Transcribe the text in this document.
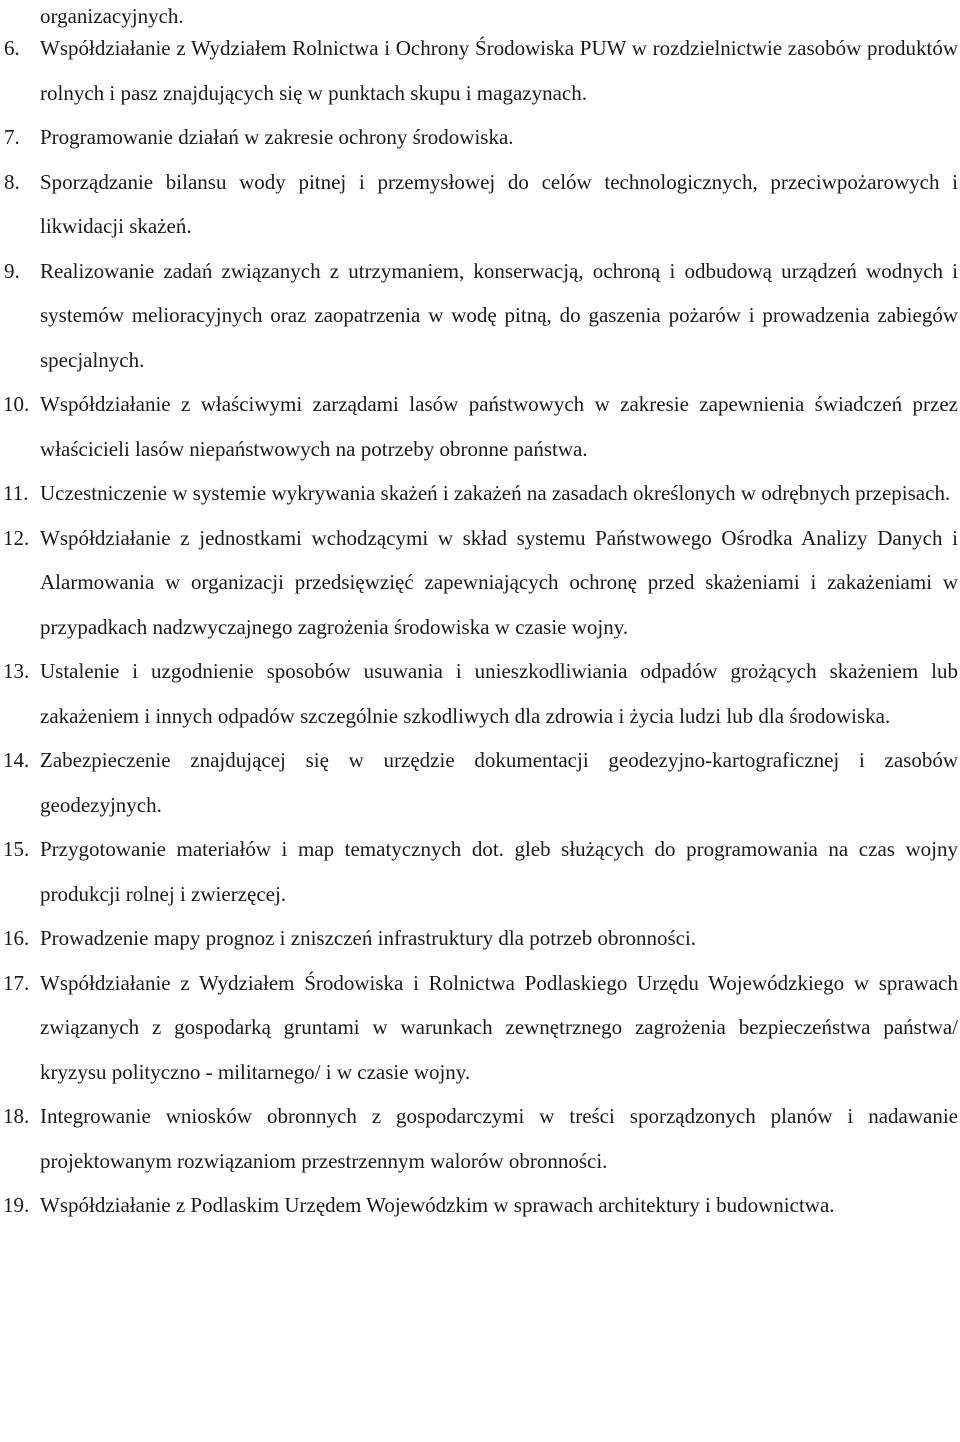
organizacyjnych.

6. Współdziałanie z Wydziałem Rolnictwa i Ochrony Środowiska PUW w rozdzielnictwie zasobów produktów rolnych i pasz znajdujących się w punktach skupu i magazynach.
7. Programowanie działań w zakresie ochrony środowiska.
8. Sporządzanie bilansu wody pitnej i przemysłowej do celów technologicznych, przeciwpożarowych i likwidacji skażeń.
9. Realizowanie zadań związanych z utrzymaniem, konserwacją, ochroną i odbudową urządzeń wodnych i systemów melioracyjnych oraz zaopatrzenia w wodę pitną, do gaszenia pożarów i prowadzenia zabiegów specjalnych.
10. Współdziałanie z właściwymi zarządami lasów państwowych w zakresie zapewnienia świadczeń przez właścicieli lasów niepaństwowych na potrzeby obronne państwa.
11. Uczestniczenie w systemie wykrywania skażeń i zakażeń na zasadach określonych w odrębnych przepisach.
12. Współdziałanie z jednostkami wchodzącymi w skład systemu Państwowego Ośrodka Analizy Danych i Alarmowania w organizacji przedsięwzięć zapewniających ochronę przed skażeniami i zakażeniami w przypadkach nadzwyczajnego zagrożenia środowiska w czasie wojny.
13. Ustalenie i uzgodnienie sposobów usuwania i unieszkodliwiania odpadów grożących skażeniem lub zakażeniem i innych odpadów szczególnie szkodliwych dla zdrowia i życia ludzi lub dla środowiska.
14. Zabezpieczenie znajdującej się w urzędzie dokumentacji geodezyjno-kartograficznej i zasobów geodezyjnych.
15. Przygotowanie materiałów i map tematycznych dot. gleb służących do programowania na czas wojny produkcji rolnej i zwierzęcej.
16. Prowadzenie mapy prognoz i zniszczeń infrastruktury dla potrzeb obronności.
17. Współdziałanie z Wydziałem Środowiska i Rolnictwa Podlaskiego Urzędu Wojewódzkiego w sprawach związanych z gospodarką gruntami w warunkach zewnętrznego zagrożenia bezpieczeństwa państwa/ kryzysu polityczno - militarnego/ i w czasie wojny.
18. Integrowanie wniosków obronnych z gospodarczymi w treści sporządzonych planów i nadawanie projektowanym rozwiązaniom przestrzennym walorów obronności.
19. Współdziałanie z Podlaskim Urzędem Wojewódzkim w sprawach architektury i budownictwa.
